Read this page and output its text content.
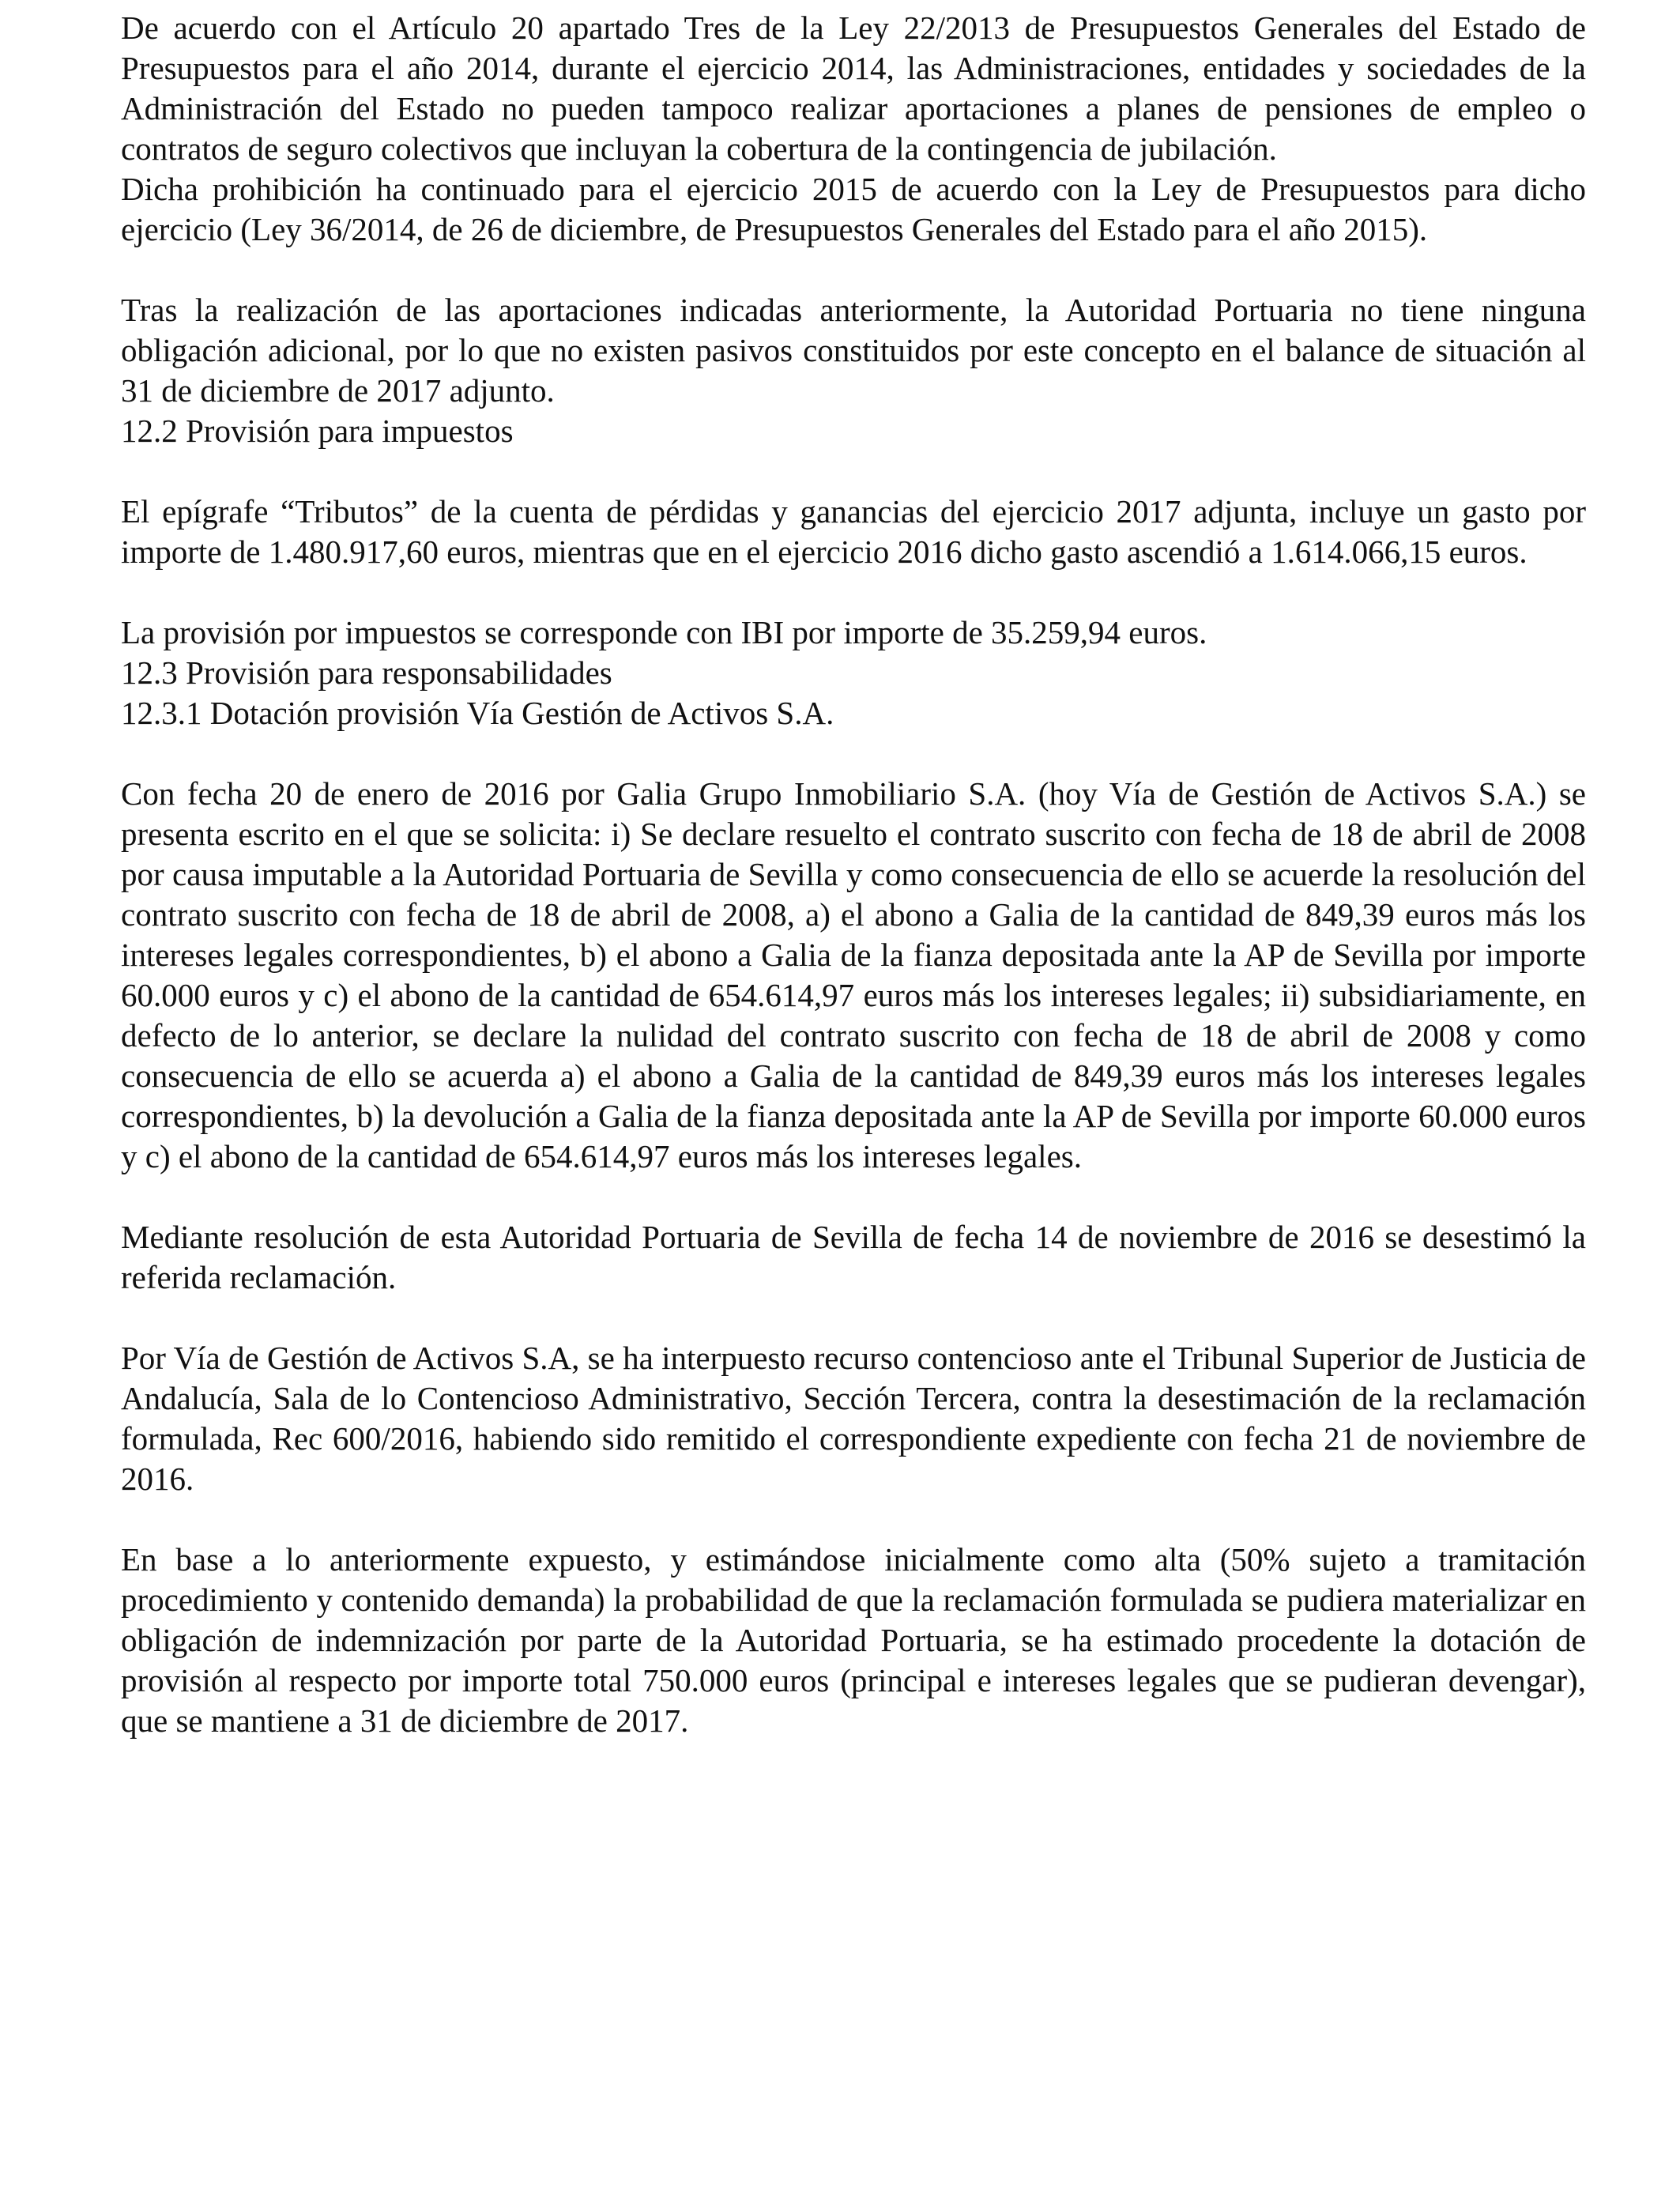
De acuerdo con el Artículo 20 apartado Tres de la Ley 22/2013 de Presupuestos Generales del Estado de Presupuestos para el año 2014, durante el ejercicio 2014, las Administraciones, entidades y sociedades de la Administración del Estado no pueden tampoco realizar aportaciones a planes de pensiones de empleo o contratos de seguro colectivos que incluyan la cobertura de la contingencia de jubilación.

Dicha prohibición ha continuado para el ejercicio 2015 de acuerdo con la Ley de Presupuestos para dicho ejercicio (Ley 36/2014, de 26 de diciembre, de Presupuestos Generales del Estado para el año 2015).

Tras la realización de las aportaciones indicadas anteriormente, la Autoridad Portuaria no tiene ninguna obligación adicional, por lo que no existen pasivos constituidos por este concepto en el balance de situación al 31 de diciembre de 2017 adjunto.

12.2 Provisión para impuestos

El epígrafe “Tributos” de la cuenta de pérdidas y ganancias del ejercicio 2017 adjunta, incluye un gasto por importe de 1.480.917,60 euros, mientras que en el ejercicio 2016 dicho gasto ascendió a 1.614.066,15 euros.

La provisión por impuestos se corresponde con IBI por importe de 35.259,94 euros.

12.3 Provisión para responsabilidades

12.3.1 Dotación provisión Vía Gestión de Activos S.A.

Con fecha 20 de enero de 2016 por Galia Grupo Inmobiliario S.A. (hoy Vía de Gestión de Activos S.A.) se presenta escrito en el que se solicita: i) Se declare resuelto el contrato suscrito con fecha de 18 de abril de 2008 por causa imputable a la Autoridad Portuaria de Sevilla y como consecuencia de ello se acuerde la resolución del contrato suscrito con fecha de 18 de abril de 2008, a) el abono a Galia de la cantidad de 849,39 euros más los intereses legales correspondientes, b) el abono a Galia de la fianza depositada ante la AP de Sevilla por importe 60.000 euros y c) el abono de la cantidad de 654.614,97 euros más los intereses legales; ii) subsidiariamente, en defecto de lo anterior, se declare la nulidad del contrato suscrito con fecha de 18 de abril de 2008 y como consecuencia de ello se acuerda a) el abono a Galia de la cantidad de 849,39 euros más los intereses legales correspondientes, b) la devolución a Galia de la fianza depositada ante la AP de Sevilla por importe 60.000 euros y c) el abono de la cantidad de 654.614,97 euros más los intereses legales.

Mediante resolución de esta Autoridad Portuaria de Sevilla de fecha 14 de noviembre de 2016 se desestimó la referida reclamación.

Por Vía de Gestión de Activos S.A, se ha interpuesto recurso contencioso ante el Tribunal Superior de Justicia de Andalucía, Sala de lo Contencioso Administrativo, Sección Tercera, contra la desestimación de la reclamación formulada, Rec 600/2016, habiendo sido remitido el correspondiente expediente con fecha 21 de noviembre de 2016.

En base a lo anteriormente expuesto, y estimándose inicialmente como alta (50% sujeto a tramitación procedimiento y contenido demanda) la probabilidad de que la reclamación formulada se pudiera materializar en obligación de indemnización por parte de la Autoridad Portuaria, se ha estimado procedente la dotación de provisión al respecto por importe total 750.000 euros (principal e intereses legales que se pudieran devengar), que se mantiene a 31 de diciembre de 2017.
